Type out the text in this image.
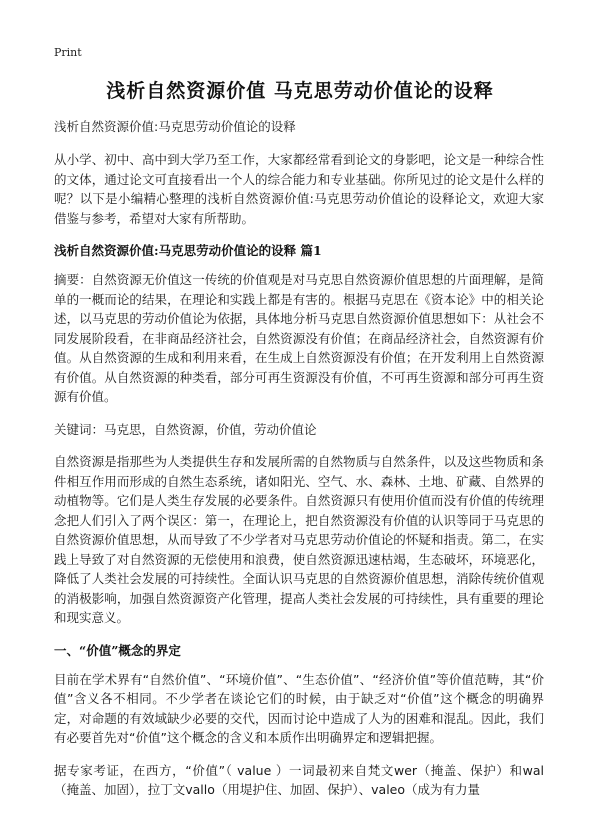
Print
浅析自然资源价值 马克思劳动价值论的设释
浅析自然资源价值:马克思劳动价值论的设释

从小学、初中、高中到大学乃至工作，大家都经常看到论文的身影吧，论文是一种综合性的文体，通过论文可直接看出一个人的综合能力和专业基础。你所见过的论文是什么样的呢？以下是小编精心整理的浅析自然资源价值:马克思劳动价值论的设释论文，欢迎大家借鉴与参考，希望对大家有所帮助。

浅析自然资源价值:马克思劳动价值论的设释 篇1

摘要：自然资源无价值这一传统的价值观是对马克思自然资源价值思想的片面理解，是简单的一概而论的结果，在理论和实践上都是有害的。根据马克思在《资本论》中的相关论述，以马克思的劳动价值论为依据，具体地分析马克思自然资源价值思想如下：从社会不同发展阶段看，在非商品经济社会，自然资源没有价值；在商品经济社会，自然资源有价值。从自然资源的生成和利用来看，在生成上自然资源没有价值；在开发利用上自然资源有价值。从自然资源的种类看，部分可再生资源没有价值，不可再生资源和部分可再生资源有价值。

关键词：马克思，自然资源，价值，劳动价值论

自然资源是指那些为人类提供生存和发展所需的自然物质与自然条件，以及这些物质和条件相互作用而形成的自然生态系统，诸如阳光、空气、水、森林、土地、矿藏、自然界的动植物等。它们是人类生存发展的必要条件。自然资源只有使用价值而没有价值的传统理念把人们引入了两个误区：第一，在理论上，把自然资源没有价值的认识等同于马克思的自然资源价值思想，从而导致了不少学者对马克思劳动价值论的怀疑和指责。第二，在实践上导致了对自然资源的无偿使用和浪费，使自然资源迅速枯竭，生态破坏，环境恶化，降低了人类社会发展的可持续性。全面认识马克思的自然资源价值思想，消除传统价值观的消极影响，加强自然资源资产化管理，提高人类社会发展的可持续性，具有重要的理论和现实意义。

一、“价值”概念的界定

目前在学术界有“自然价值”、“环境价值”、“生态价值”、“经济价值”等价值范畴，其“价值”含义各不相同。不少学者在谈论它们的时候，由于缺乏对“价值”这个概念的明确界定，对命题的有效域缺少必要的交代，因而讨论中造成了人为的困难和混乱。因此，我们有必要首先对“价值”这个概念的含义和本质作出明确界定和逻辑把握。

据专家考证，在西方，“价值”（ value ）一词最初来自梵文wer（掩盖、保护）和wal（掩盖、加固），拉丁文vallo（用堤护住、加固、保护）、valeo（成为有力量
